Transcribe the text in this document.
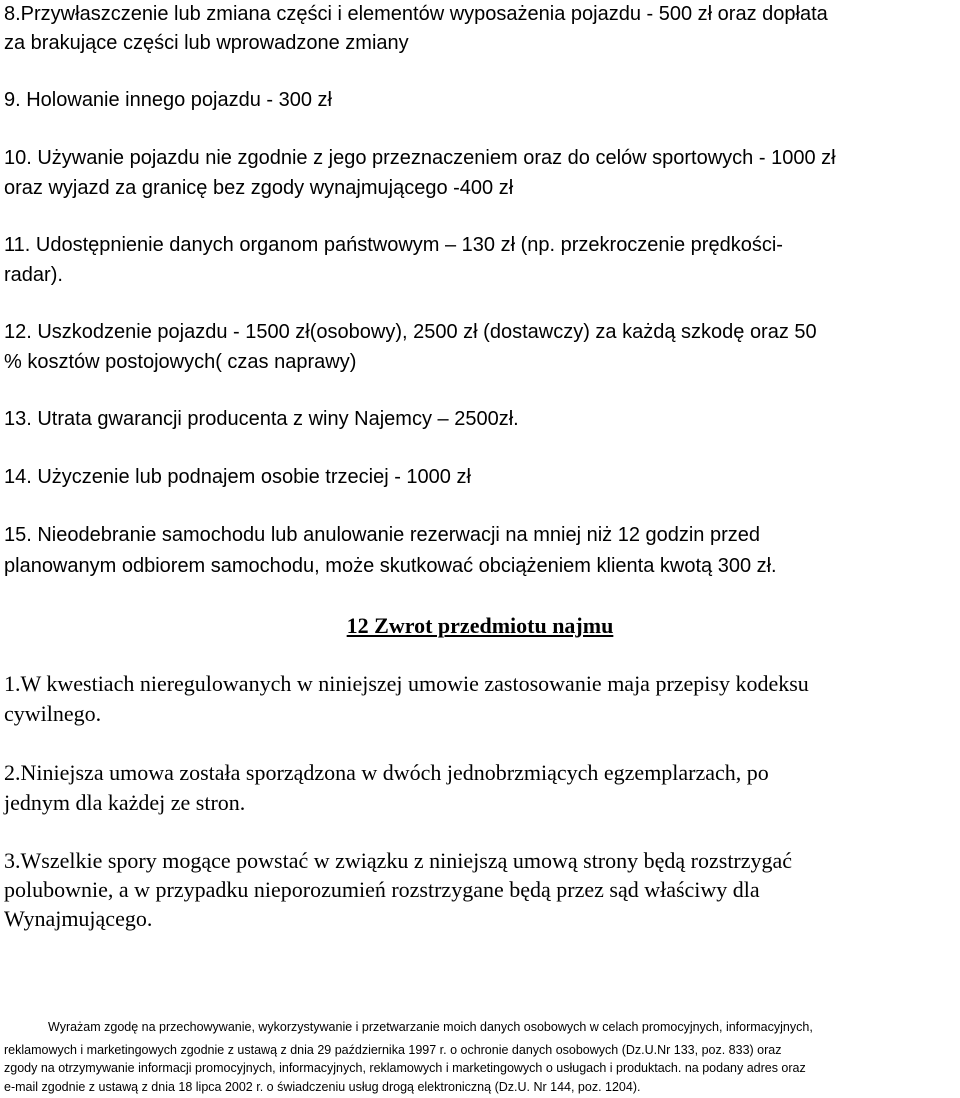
8.Przywłaszczenie lub zmiana części i elementów wyposażenia pojazdu - 500 zł oraz dopłata
za brakujące części lub wprowadzone zmiany
9. Holowanie innego pojazdu - 300 zł
10. Używanie pojazdu nie zgodnie z jego przeznaczeniem oraz do celów sportowych - 1000 zł
oraz wyjazd za granicę bez zgody wynajmującego -400 zł
11. Udostępnienie danych organom państwowym – 130 zł (np. przekroczenie prędkości-
radar).
12. Uszkodzenie pojazdu - 1500 zł(osobowy), 2500 zł (dostawczy) za każdą szkodę oraz 50
% kosztów postojowych( czas naprawy)
13. Utrata gwarancji producenta z winy Najemcy – 2500zł.
14. Użyczenie lub podnajem osobie trzeciej - 1000 zł
15. Nieodebranie samochodu lub anulowanie rezerwacji na mniej niż 12 godzin przed
planowanym odbiorem samochodu, może skutkować obciążeniem klienta kwotą 300 zł.
12 Zwrot przedmiotu najmu
1.W kwestiach nieregulowanych w niniejszej umowie zastosowanie maja przepisy kodeksu
cywilnego.
2.Niniejsza umowa została sporządzona w dwóch jednobrzmiących egzemplarzach, po
jednym dla każdej ze stron.
3.Wszelkie spory mogące powstać w związku z niniejszą umową strony będą rozstrzygać
polubownie, a w przypadku nieporozumień rozstrzygane będą przez sąd właściwy dla
Wynajmującego.
Wyrażam zgodę na przechowywanie, wykorzystywanie i przetwarzanie moich danych osobowych w celach promocyjnych, informacyjnych,
reklamowych i marketingowych zgodnie z ustawą z dnia 29 października 1997 r. o ochronie danych osobowych (Dz.U.Nr 133, poz. 833) oraz
zgody na otrzymywanie informacji promocyjnych, informacyjnych, reklamowych i marketingowych o usługach i produktach. na podany adres oraz
e-mail zgodnie z ustawą z dnia 18 lipca 2002 r. o świadczeniu usług drogą elektroniczną (Dz.U. Nr 144, poz. 1204).
